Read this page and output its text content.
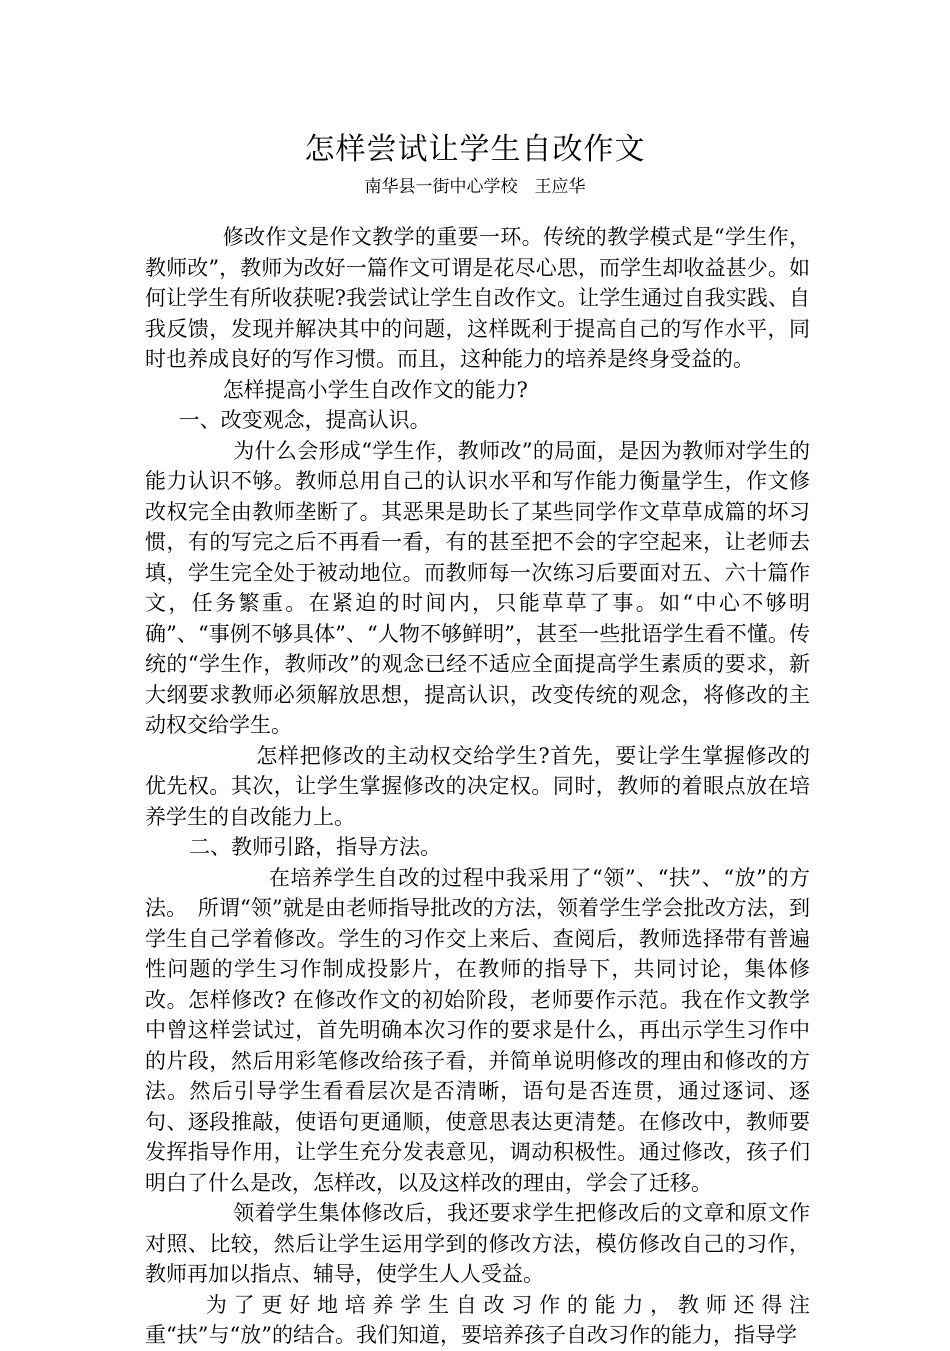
怎样尝试让学生自改作文
南华县一街中心学校　王应华

修改作文是作文教学的重要一环。传统的教学模式是“学生作，教师改”，教师为改好一篇作文可谓是花尽心思，而学生却收益甚少。如何让学生有所收获呢?我尝试让学生自改作文。让学生通过自我实践、自我反馈，发现并解决其中的问题，这样既利于提高自己的写作水平，同时也养成良好的写作习惯。而且，这种能力的培养是终身受益的。

怎样提高小学生自改作文的能力?

一、改变观念，提高认识。

为什么会形成“学生作，教师改”的局面，是因为教师对学生的能力认识不够。教师总用自己的认识水平和写作能力衡量学生，作文修改权完全由教师垄断了。其恶果是助长了某些同学作文草草成篇的坏习惯，有的写完之后不再看一看，有的甚至把不会的字空起来，让老师去填，学生完全处于被动地位。而教师每一次练习后要面对五、六十篇作文，任务繁重。在紧迫的时间内，只能草草了事。如“中心不够明确”、“事例不够具体”、“人物不够鲜明”，甚至一些批语学生看不懂。传统的“学生作，教师改”的观念已经不适应全面提高学生素质的要求，新大纲要求教师必须解放思想，提高认识，改变传统的观念，将修改的主动权交给学生。

怎样把修改的主动权交给学生?首先，要让学生掌握修改的优先权。其次，让学生掌握修改的决定权。同时，教师的着眼点放在培养学生的自改能力上。

二、教师引路，指导方法。

在培养学生自改的过程中我采用了“领”、“扶”、“放”的方法。　所谓“领”就是由老师指导批改的方法，领着学生学会批改方法，到学生自己学着修改。学生的习作交上来后、查阅后，教师选择带有普遍性问题的学生习作制成投影片，在教师的指导下，共同讨论，集体修改。怎样修改? 在修改作文的初始阶段，老师要作示范。我在作文教学中曾这样尝试过，首先明确本次习作的要求是什么，再出示学生习作中的片段，然后用彩笔修改给孩子看，并简单说明修改的理由和修改的方法。然后引导学生看看层次是否清晰，语句是否连贯，通过逐词、逐句、逐段推敲，使语句更通顺，使意思表达更清楚。在修改中，教师要发挥指导作用，让学生充分发表意见，调动积极性。通过修改，孩子们明白了什么是改，怎样改，以及这样改的理由，学会了迁移。

领着学生集体修改后，我还要求学生把修改后的文章和原文作对照、比较，然后让学生运用学到的修改方法，模仿修改自己的习作，教师再加以指点、辅导，使学生人人受益。

为了更好地培养学生自改习作的能力，教师还得注重“扶”与“放”的结合。我们知道，要培养孩子自改习作的能力，指导学
